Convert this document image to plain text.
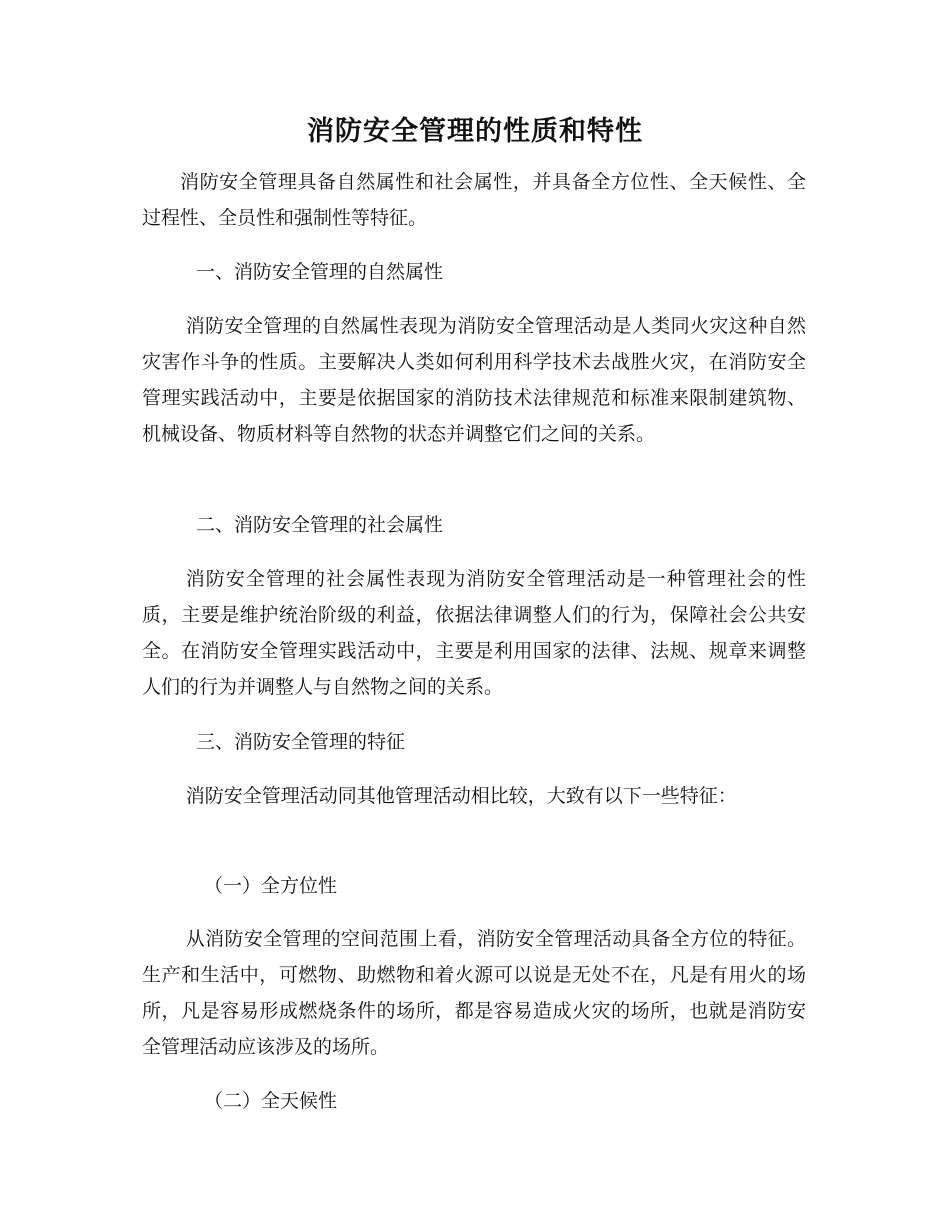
消防安全管理的性质和特性

消防安全管理具备自然属性和社会属性，并具备全方位性、全天候性、全过程性、全员性和强制性等特征。

一、消防安全管理的自然属性

消防安全管理的自然属性表现为消防安全管理活动是人类同火灾这种自然灾害作斗争的性质。主要解决人类如何利用科学技术去战胜火灾，在消防安全管理实践活动中，主要是依据国家的消防技术法律规范和标准来限制建筑物、机械设备、物质材料等自然物的状态并调整它们之间的关系。

二、消防安全管理的社会属性

消防安全管理的社会属性表现为消防安全管理活动是一种管理社会的性质，主要是维护统治阶级的利益，依据法律调整人们的行为，保障社会公共安全。在消防安全管理实践活动中，主要是利用国家的法律、法规、规章来调整人们的行为并调整人与自然物之间的关系。

三、消防安全管理的特征

消防安全管理活动同其他管理活动相比较，大致有以下一些特征：

（一）全方位性

从消防安全管理的空间范围上看，消防安全管理活动具备全方位的特征。生产和生活中，可燃物、助燃物和着火源可以说是无处不在，凡是有用火的场所，凡是容易形成燃烧条件的场所，都是容易造成火灾的场所，也就是消防安全管理活动应该涉及的场所。

（二）全天候性
